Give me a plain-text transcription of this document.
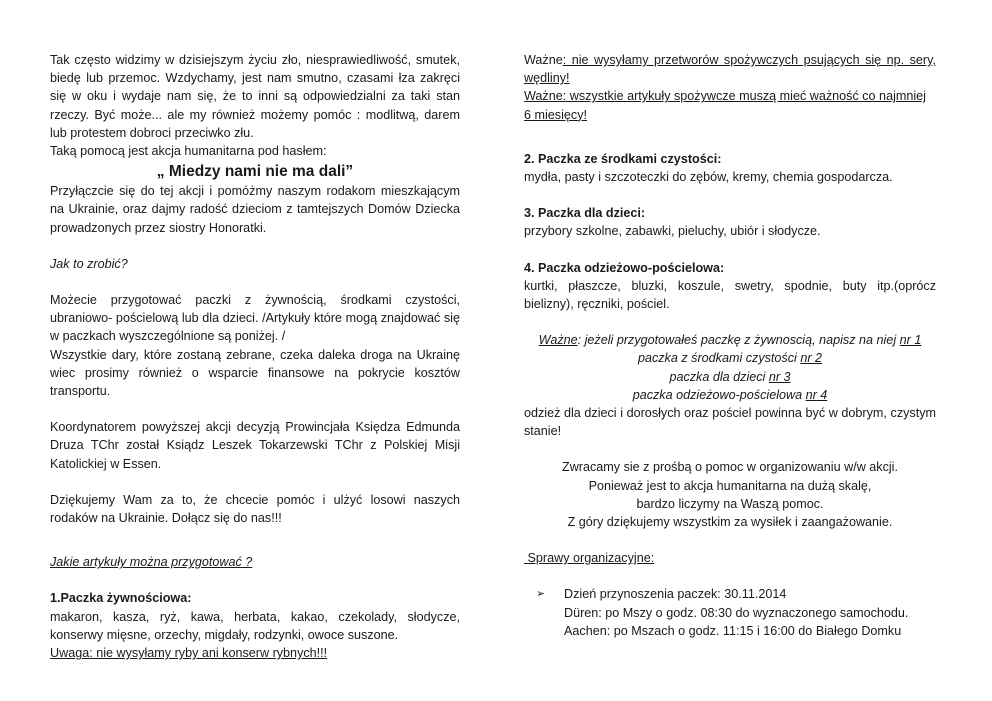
Tak często widzimy w dzisiejszym życiu zło, niesprawiedliwość, smutek, biedę lub przemoc. Wzdychamy, jest nam smutno, czasami łza zakręci się w oku i wydaje nam się, że to inni są odpowiedzialni za taki stan rzeczy. Być może... ale my również możemy pomóc : modlitwą, darem lub protestem dobroci przeciwko złu.

Taką pomocą jest akcja humanitarna pod hasłem:

„ Miedzy nami nie ma dali”

Przyłączcie się do tej akcji i pomóżmy naszym rodakom mieszkającym na Ukrainie, oraz dajmy radość dzieciom z tamtejszych Domów Dziecka prowadzonych przez siostry Honoratki.

Jak to zrobić?

Możecie przygotować paczki z żywnością, środkami czystości, ubraniowo- pościelową lub dla dzieci. /Artykuły które mogą znajdować się w paczkach wyszczególnione są poniżej. /

Wszystkie dary, które zostaną zebrane, czeka daleka droga na Ukrainę wiec prosimy również o wsparcie finansowe na pokrycie kosztów transportu.

Koordynatorem powyższej akcji decyzją Prowincjała Księdza Edmunda Druza TChr został Ksiądz Leszek Tokarzewski TChr z Polskiej Misji Katolickiej w Essen.

Dziękujemy Wam za to, że chcecie pomóc i ulżyć losowi naszych rodaków na Ukrainie. Dołącz się do nas!!!

Jakie artykuły można przygotować ?

1.Paczka żywnościowa:

makaron, kasza, ryż, kawa, herbata, kakao, czekolady, słodycze, konserwy mięsne, orzechy, migdały, rodzynki, owoce suszone.

Uwaga: nie wysyłamy ryby ani konserw rybnych!!!

Ważne: nie wysyłamy przetworów spożywczych psujących się np. sery, wędliny!

Ważne: wszystkie artykuły spożywcze muszą mieć ważność co najmniej 6 miesięcy!

2. Paczka ze środkami czystości:

mydła, pasty i szczoteczki do zębów, kremy, chemia gospodarcza.

3. Paczka dla dzieci:

przybory szkolne, zabawki, pieluchy, ubiór i słodycze.

4. Paczka odzieżowo-pościelowa:

kurtki, płaszcze, bluzki, koszule, swetry, spodnie, buty itp.(oprócz bielizny), ręczniki, pościel.

Ważne: jeżeli przygotowałeś paczkę z żywnoscią, napisz na niej nr 1

paczka z środkami czystości nr 2

paczka dla dzieci nr 3

paczka odzieżowo-pościelowa nr 4

odzież dla dzieci i dorosłych oraz pościel powinna być w dobrym, czystym stanie!

Zwracamy sie z prośbą o pomoc w organizowaniu w/w akcji.

Ponieważ jest to akcja humanitarna na dużą skalę,

bardzo liczymy na Waszą pomoc.

Z góry dziękujemy wszystkim za wysiłek i zaangażowanie.

Sprawy organizacyjne:

➢	Dzień przynoszenia paczek: 30.11.2014

Düren: po Mszy o godz. 08:30 do wyznaczonego samochodu.

Aachen: po Mszach o godz. 11:15 i 16:00 do Białego Domku
